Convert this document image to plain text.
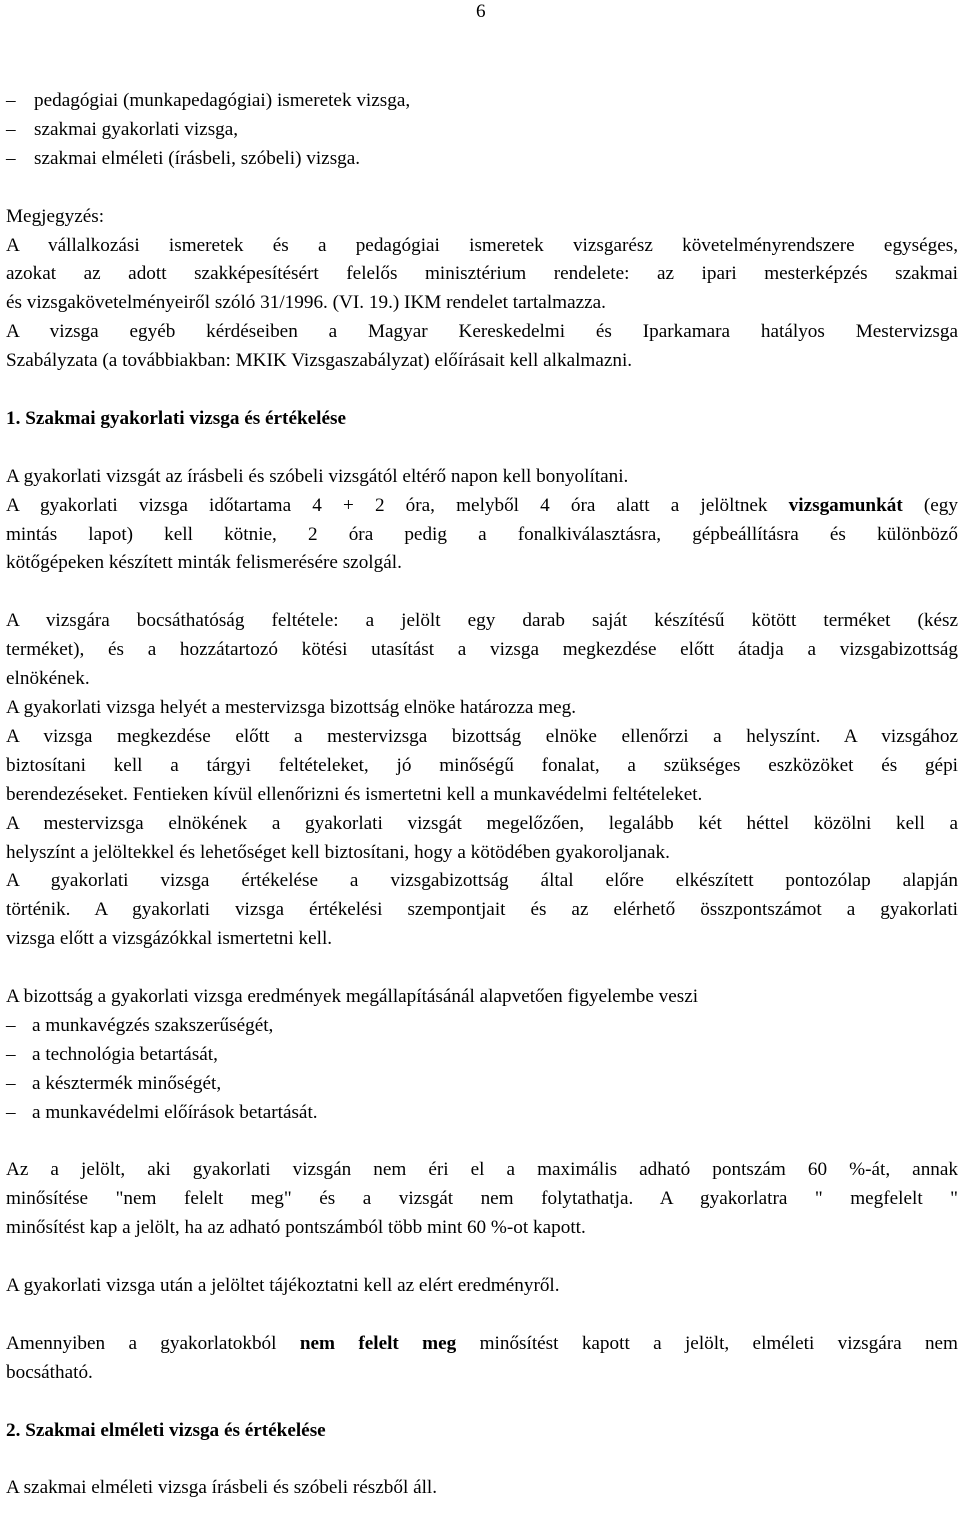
6
– pedagógiai (munkapedagógiai) ismeretek vizsga,
– szakmai gyakorlati vizsga,
– szakmai elméleti (írásbeli, szóbeli) vizsga.

Megjegyzés:

A vállalkozási ismeretek és a pedagógiai ismeretek vizsgarész követelményrendszere egységes,

azokat az adott szakképesítésért felelős minisztérium rendelete: az ipari mesterképzés szakmai

és vizsgakövetelményeiről szóló 31/1996. (VI. 19.) IKM rendelet tartalmazza.

A vizsga egyéb kérdéseiben a Magyar Kereskedelmi és Iparkamara hatályos Mestervizsga

Szabályzata (a továbbiakban: MKIK Vizsgaszabályzat) előírásait kell alkalmazni.

1. Szakmai gyakorlati vizsga és értékelése

A gyakorlati vizsgát az írásbeli és szóbeli vizsgától eltérő napon kell bonyolítani.

A gyakorlati vizsga időtartama 4 + 2 óra, melyből 4 óra alatt a jelöltnek vizsgamunkát (egy

mintás lapot) kell kötnie, 2 óra pedig a fonalkiválasztásra, gépbeállításra és különböző

kötőgépeken készített minták felismerésére szolgál.

A vizsgára bocsáthatóság feltétele: a jelölt egy darab saját készítésű kötött terméket (kész

terméket), és a hozzátartozó kötési utasítást a vizsga megkezdése előtt átadja a vizsgabizottság

elnökének.

A gyakorlati vizsga helyét a mestervizsga bizottság elnöke határozza meg.

A vizsga megkezdése előtt a mestervizsga bizottság elnöke ellenőrzi a helyszínt. A vizsgához

biztosítani kell a tárgyi feltételeket, jó minőségű fonalat, a szükséges eszközöket és gépi

berendezéseket. Fentieken kívül ellenőrizni és ismertetni kell a munkavédelmi feltételeket.

A mestervizsga elnökének a gyakorlati vizsgát megelőzően, legalább két héttel közölni kell a

helyszínt a jelöltekkel és lehetőséget kell biztosítani, hogy a kötödében gyakoroljanak.

A gyakorlati vizsga értékelése a vizsgabizottság által előre elkészített pontozólap alapján

történik. A gyakorlati vizsga értékelési szempontjait és az elérhető összpontszámot a gyakorlati

vizsga előtt a vizsgázókkal ismertetni kell.

A bizottság a gyakorlati vizsga eredmények megállapításánál alapvetően figyelembe veszi

– a munkavégzés szakszerűségét,
– a technológia betartását,
– a késztermék minőségét,
– a munkavédelmi előírások betartását.

Az a jelölt, aki gyakorlati vizsgán nem éri el a maximális adható pontszám 60 %-át, annak

minősítése "nem felelt meg" és a vizsgát nem folytathatja. A gyakorlatra " megfelelt "

minősítést kap a jelölt, ha az adható pontszámból több mint 60 %-ot kapott.

A gyakorlati vizsga után a jelöltet tájékoztatni kell az elért eredményről.

Amennyiben a gyakorlatokból nem felelt meg minősítést kapott a jelölt, elméleti vizsgára nem

bocsátható.

2. Szakmai elméleti vizsga és értékelése

A szakmai elméleti vizsga írásbeli és szóbeli részből áll.
